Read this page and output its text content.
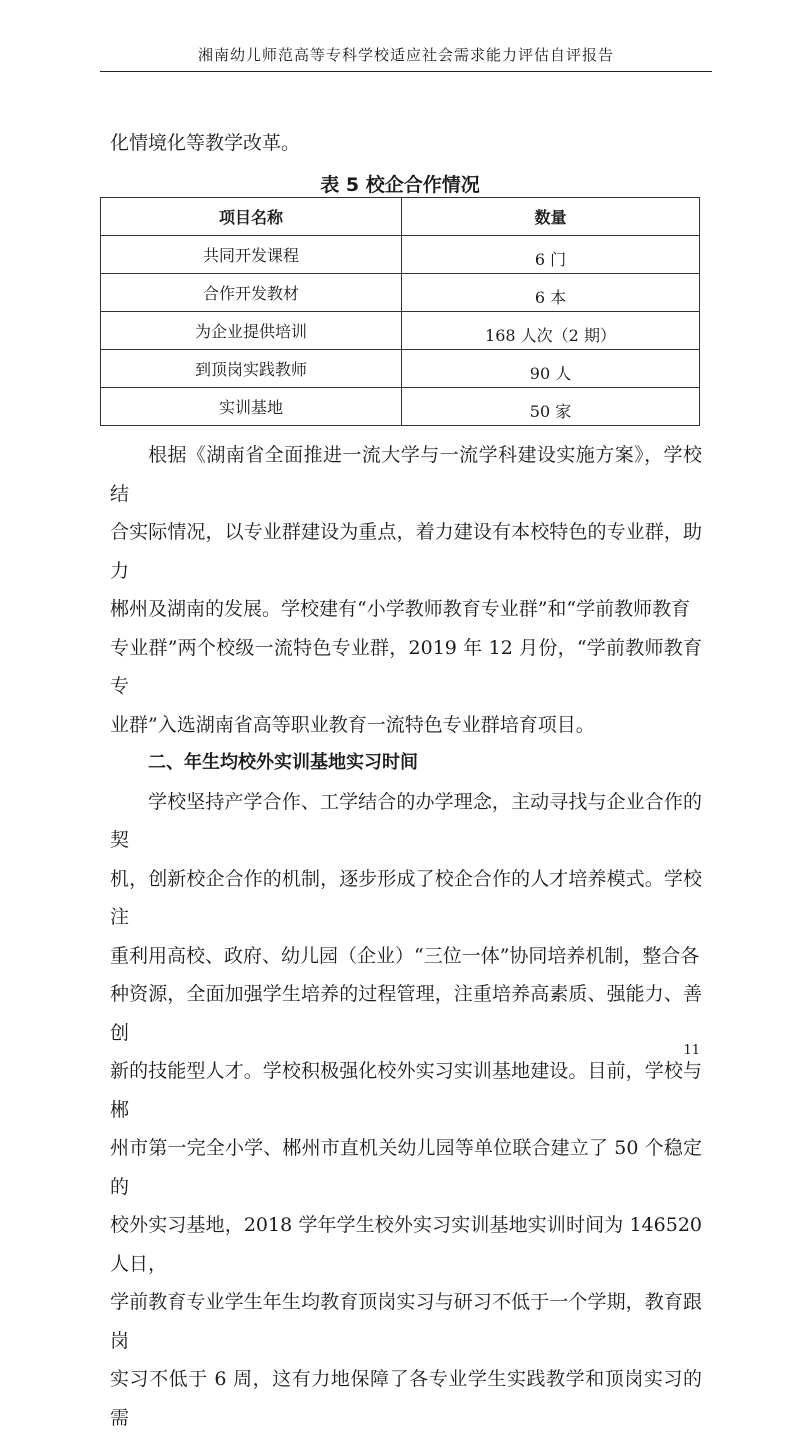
湘南幼儿师范高等专科学校适应社会需求能力评估自评报告

化情境化等教学改革。

表 5 校企合作情况
项目名称	数量
共同开发课程	6 门
合作开发教材	6 本
为企业提供培训	168 人次（2 期）
到顶岗实践教师	90 人
实训基地	50 家

根据《湖南省全面推进一流大学与一流学科建设实施方案》，学校结

合实际情况，以专业群建设为重点，着力建设有本校特色的专业群，助力
郴州及湖南的发展。学校建有“小学教师教育专业群”和“学前教师教育
专业群”两个校级一流特色专业群，2019 年 12 月份，“学前教师教育专
业群”入选湖南省高等职业教育一流特色专业群培育项目。

二、年生均校外实训基地实习时间

学校坚持产学合作、工学结合的办学理念，主动寻找与企业合作的契

机，创新校企合作的机制，逐步形成了校企合作的人才培养模式。学校注
重利用高校、政府、幼儿园（企业）“三位一体”协同培养机制，整合各
种资源，全面加强学生培养的过程管理，注重培养高素质、强能力、善创
新的技能型人才。学校积极强化校外实习实训基地建设。目前，学校与郴
州市第一完全小学、郴州市直机关幼儿园等单位联合建立了 50 个稳定的
校外实习基地，2018 学年学生校外实习实训基地实训时间为 146520 人日，
学前教育专业学生年生均教育顶岗实习与研习不低于一个学期，教育跟岗
实习不低于 6 周，这有力地保障了各专业学生实践教学和顶岗实习的需

11
